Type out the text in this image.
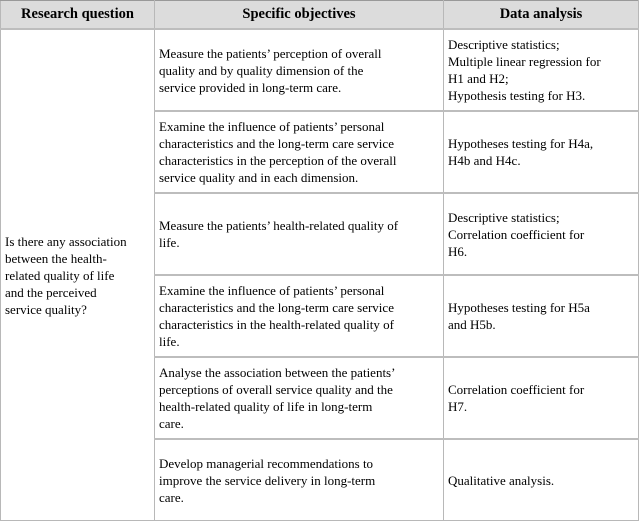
Research question	Specific objectives	Data analysis
Is there any association
between the health-
related quality of life
and the perceived
service quality?	Measure the patients’ perception of overall
quality and by quality dimension of the
service provided in long-term care.	Descriptive statistics;
Multiple linear regression for
H1 and H2;
Hypothesis testing for H3.
	Examine the influence of patients’ personal
characteristics and the long-term care service
characteristics in the perception of the overall
service quality and in each dimension.	Hypotheses testing for H4a,
H4b and H4c.
	Measure the patients’ health-related quality of
life.	Descriptive statistics;
Correlation coefficient for
H6.
	Examine the influence of patients’ personal
characteristics and the long-term care service
characteristics in the health-related quality of
life.	Hypotheses testing for H5a
and H5b.
	Analyse the association between the patients’
perceptions of overall service quality and the
health-related quality of life in long-term
care.	Correlation coefficient for
H7.
	Develop managerial recommendations to
improve the service delivery in long-term
care.	Qualitative analysis.
